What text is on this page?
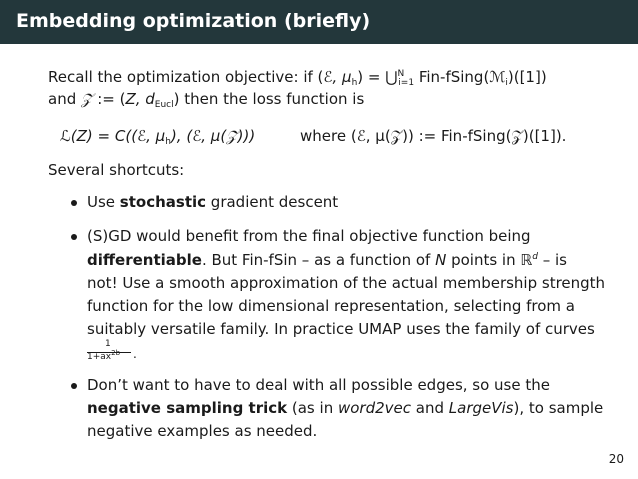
Embedding optimization (briefly)
Recall the optimization objective: if (ℰ, $\mu_h$) = ⋃$^N_{i=1}$ Fin-fSing(ℳ$_i$)([1])
and 𝒵 := (Z, $d_{Eucl}$) then the loss function is
ℒ(Z) = C((ℰ, $\mu_h$), (ℰ, μ(𝒵)))	where (ℰ, μ(𝒵)) := Fin-fSing(𝒵)([1]).
Several shortcuts:
Use stochastic gradient descent
(S)GD would benefit from the final objective function being
differentiable. But Fin-fSin – as a function of N points in ℝ$^d$ – is
not! Use a smooth approximation of the actual membership strength
function for the low dimensional representation, selecting from a
suitably versatile family. In practice UMAP uses the family of curves
1
$1+ax^{2b}$ .
Don’t want to have to deal with all possible edges, so use the
negative sampling trick (as in word2vec and LargeVis), to sample
negative examples as needed.
20
